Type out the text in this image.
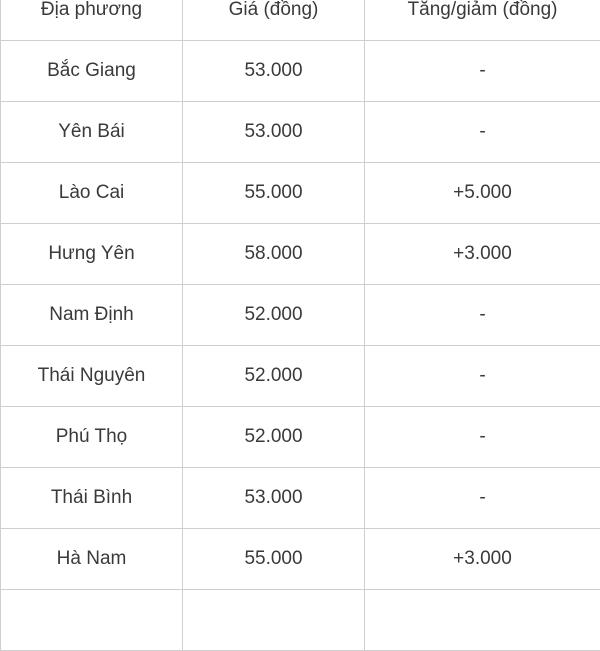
Địa phương	Giá (đồng)	Tăng/giảm (đồng)
Bắc Giang	53.000	-
Yên Bái	53.000	-
Lào Cai	55.000	+5.000
Hưng Yên	58.000	+3.000
Nam Định	52.000	-
Thái Nguyên	52.000	-
Phú Thọ	52.000	-
Thái Bình	53.000	-
Hà Nam	55.000	+3.000
